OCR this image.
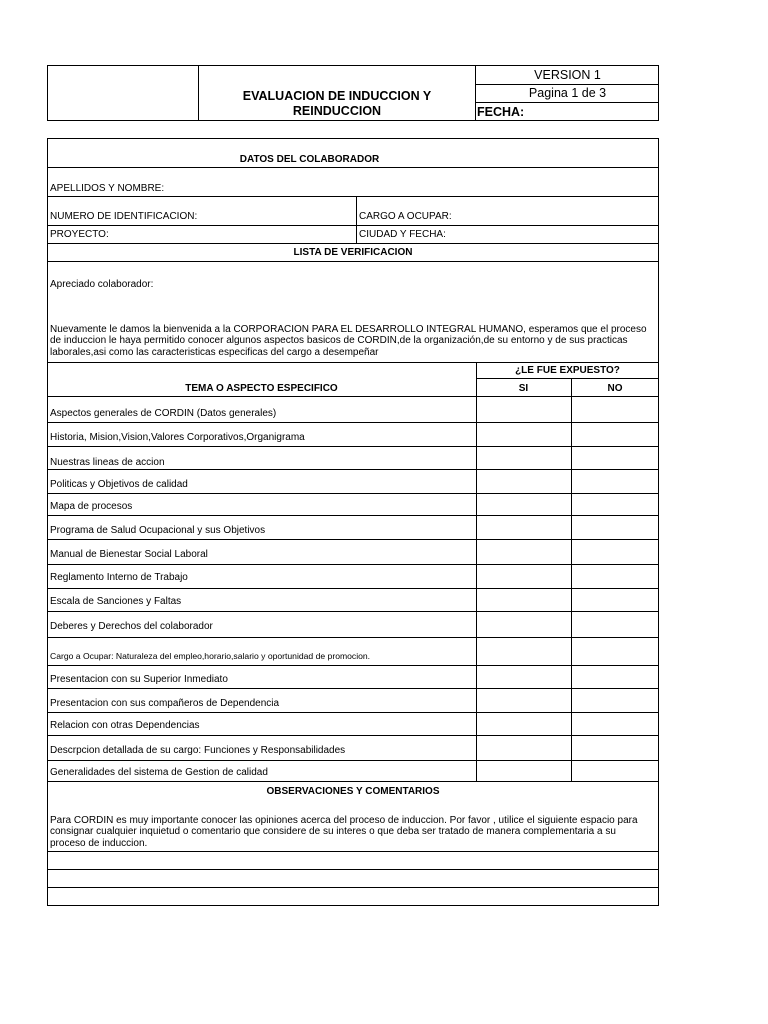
EVALUACION DE INDUCCION Y REINDUCCION
VERSION 1
Pagina 1 de 3
FECHA:
DATOS DEL COLABORADOR
APELLIDOS Y NOMBRE:
NUMERO DE IDENTIFICACION:	CARGO A OCUPAR:
PROYECTO:	CIUDAD Y FECHA:
LISTA DE VERIFICACION
Apreciado colaborador:
Nuevamente le damos la bienvenida a la CORPORACION PARA EL DESARROLLO INTEGRAL HUMANO, esperamos que el proceso de induccion le haya permitido conocer algunos aspectos basicos de CORDIN,de la organización,de su entorno y de sus practicas laborales,asi como las caracteristicas especificas del cargo a desempeñar
¿LE FUE EXPUESTO?
TEMA O ASPECTO ESPECIFICO	SI	NO
Aspectos generales de CORDIN (Datos generales)
Historia, Mision,Vision,Valores Corporativos,Organigrama
Nuestras lineas de accion
Politicas y Objetivos de calidad
Mapa de procesos
Programa de Salud Ocupacional y sus Objetivos
Manual de Bienestar Social Laboral
Reglamento Interno de Trabajo
Escala de Sanciones y Faltas
Deberes y Derechos del colaborador
Cargo a Ocupar: Naturaleza del empleo,horario,salario y oportunidad de promocion.
Presentacion con su Superior Inmediato
Presentacion con sus compañeros de Dependencia
Relacion con otras Dependencias
Descrpcion detallada de su cargo: Funciones y Responsabilidades
Generalidades del sistema de Gestion de calidad
OBSERVACIONES Y COMENTARIOS
Para CORDIN es muy importante conocer las opiniones acerca del proceso de induccion. Por favor , utilice el siguiente espacio para consignar cualquier inquietud o comentario que considere de su interes o que deba ser tratado de manera complementaria a su proceso de induccion.
